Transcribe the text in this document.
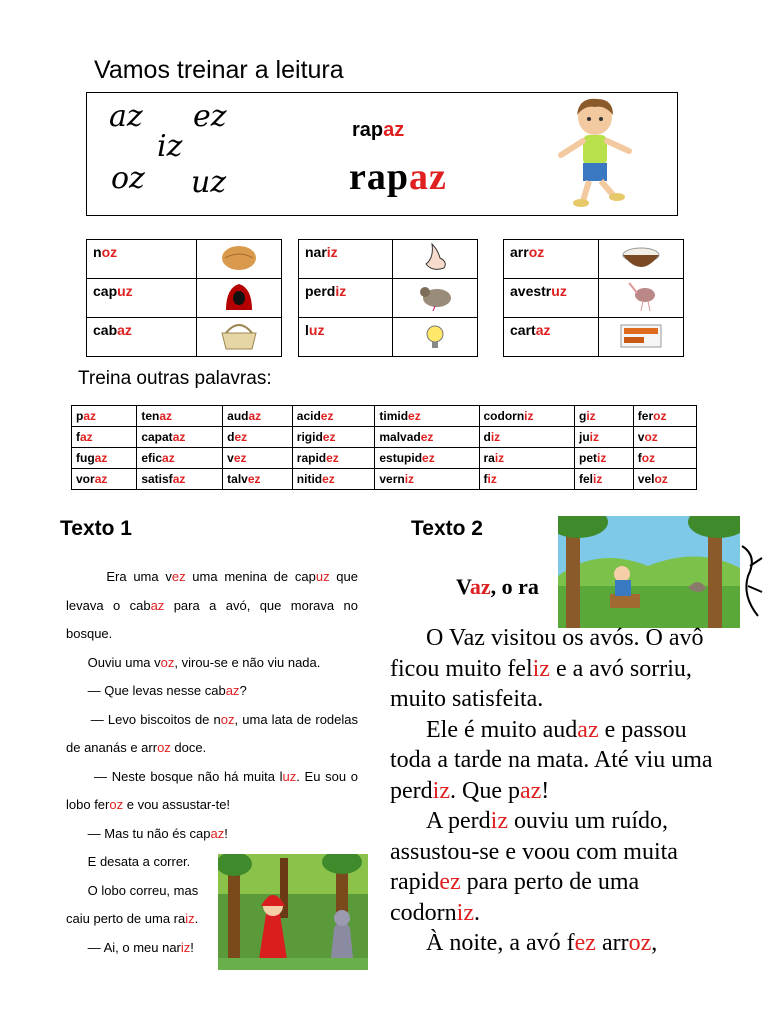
Vamos treinar a leitura
az ez
iz
oz uz
rapaz
rapaz
noz	
capuz	
cabaz	
nariz	
perdiz	
luz	
arroz	
avestruz	
cartaz	
Treina outras palavras:
paz	tenaz	audaz	acidez	timidez	codorniz	giz	feroz
faz	capataz	dez	rigidez	malvadez	diz	juiz	voz
fugaz	eficaz	vez	rapidez	estupidez	raiz	petiz	foz
voraz	satisfaz	talvez	nitidez	verniz	fiz	feliz	veloz
Texto 1	Texto 2

Era uma vez uma menina de capuz que levava o cabaz para a avó, que morava no bosque.

Ouviu uma voz, virou-se e não viu nada.

— Que levas nesse cabaz?

— Levo biscoitos de noz, uma lata de rodelas de ananás e arroz doce.

— Neste bosque não há muita luz. Eu sou o lobo feroz e vou assustar-te!

— Mas tu não és capaz!

E desata a correr.

O lobo correu, mas

caiu perto de uma raiz.

— Ai, o meu nariz!

Vaz, o ra

O Vaz visitou os avós. O avô ficou muito feliz e a avó sorriu, muito satisfeita.

Ele é muito audaz e passou toda a tarde na mata. Até viu uma perdiz. Que paz!

A perdiz ouviu um ruído, assustou-se e voou com muita rapidez para perto de uma codorniz.

À noite, a avó fez arroz,
